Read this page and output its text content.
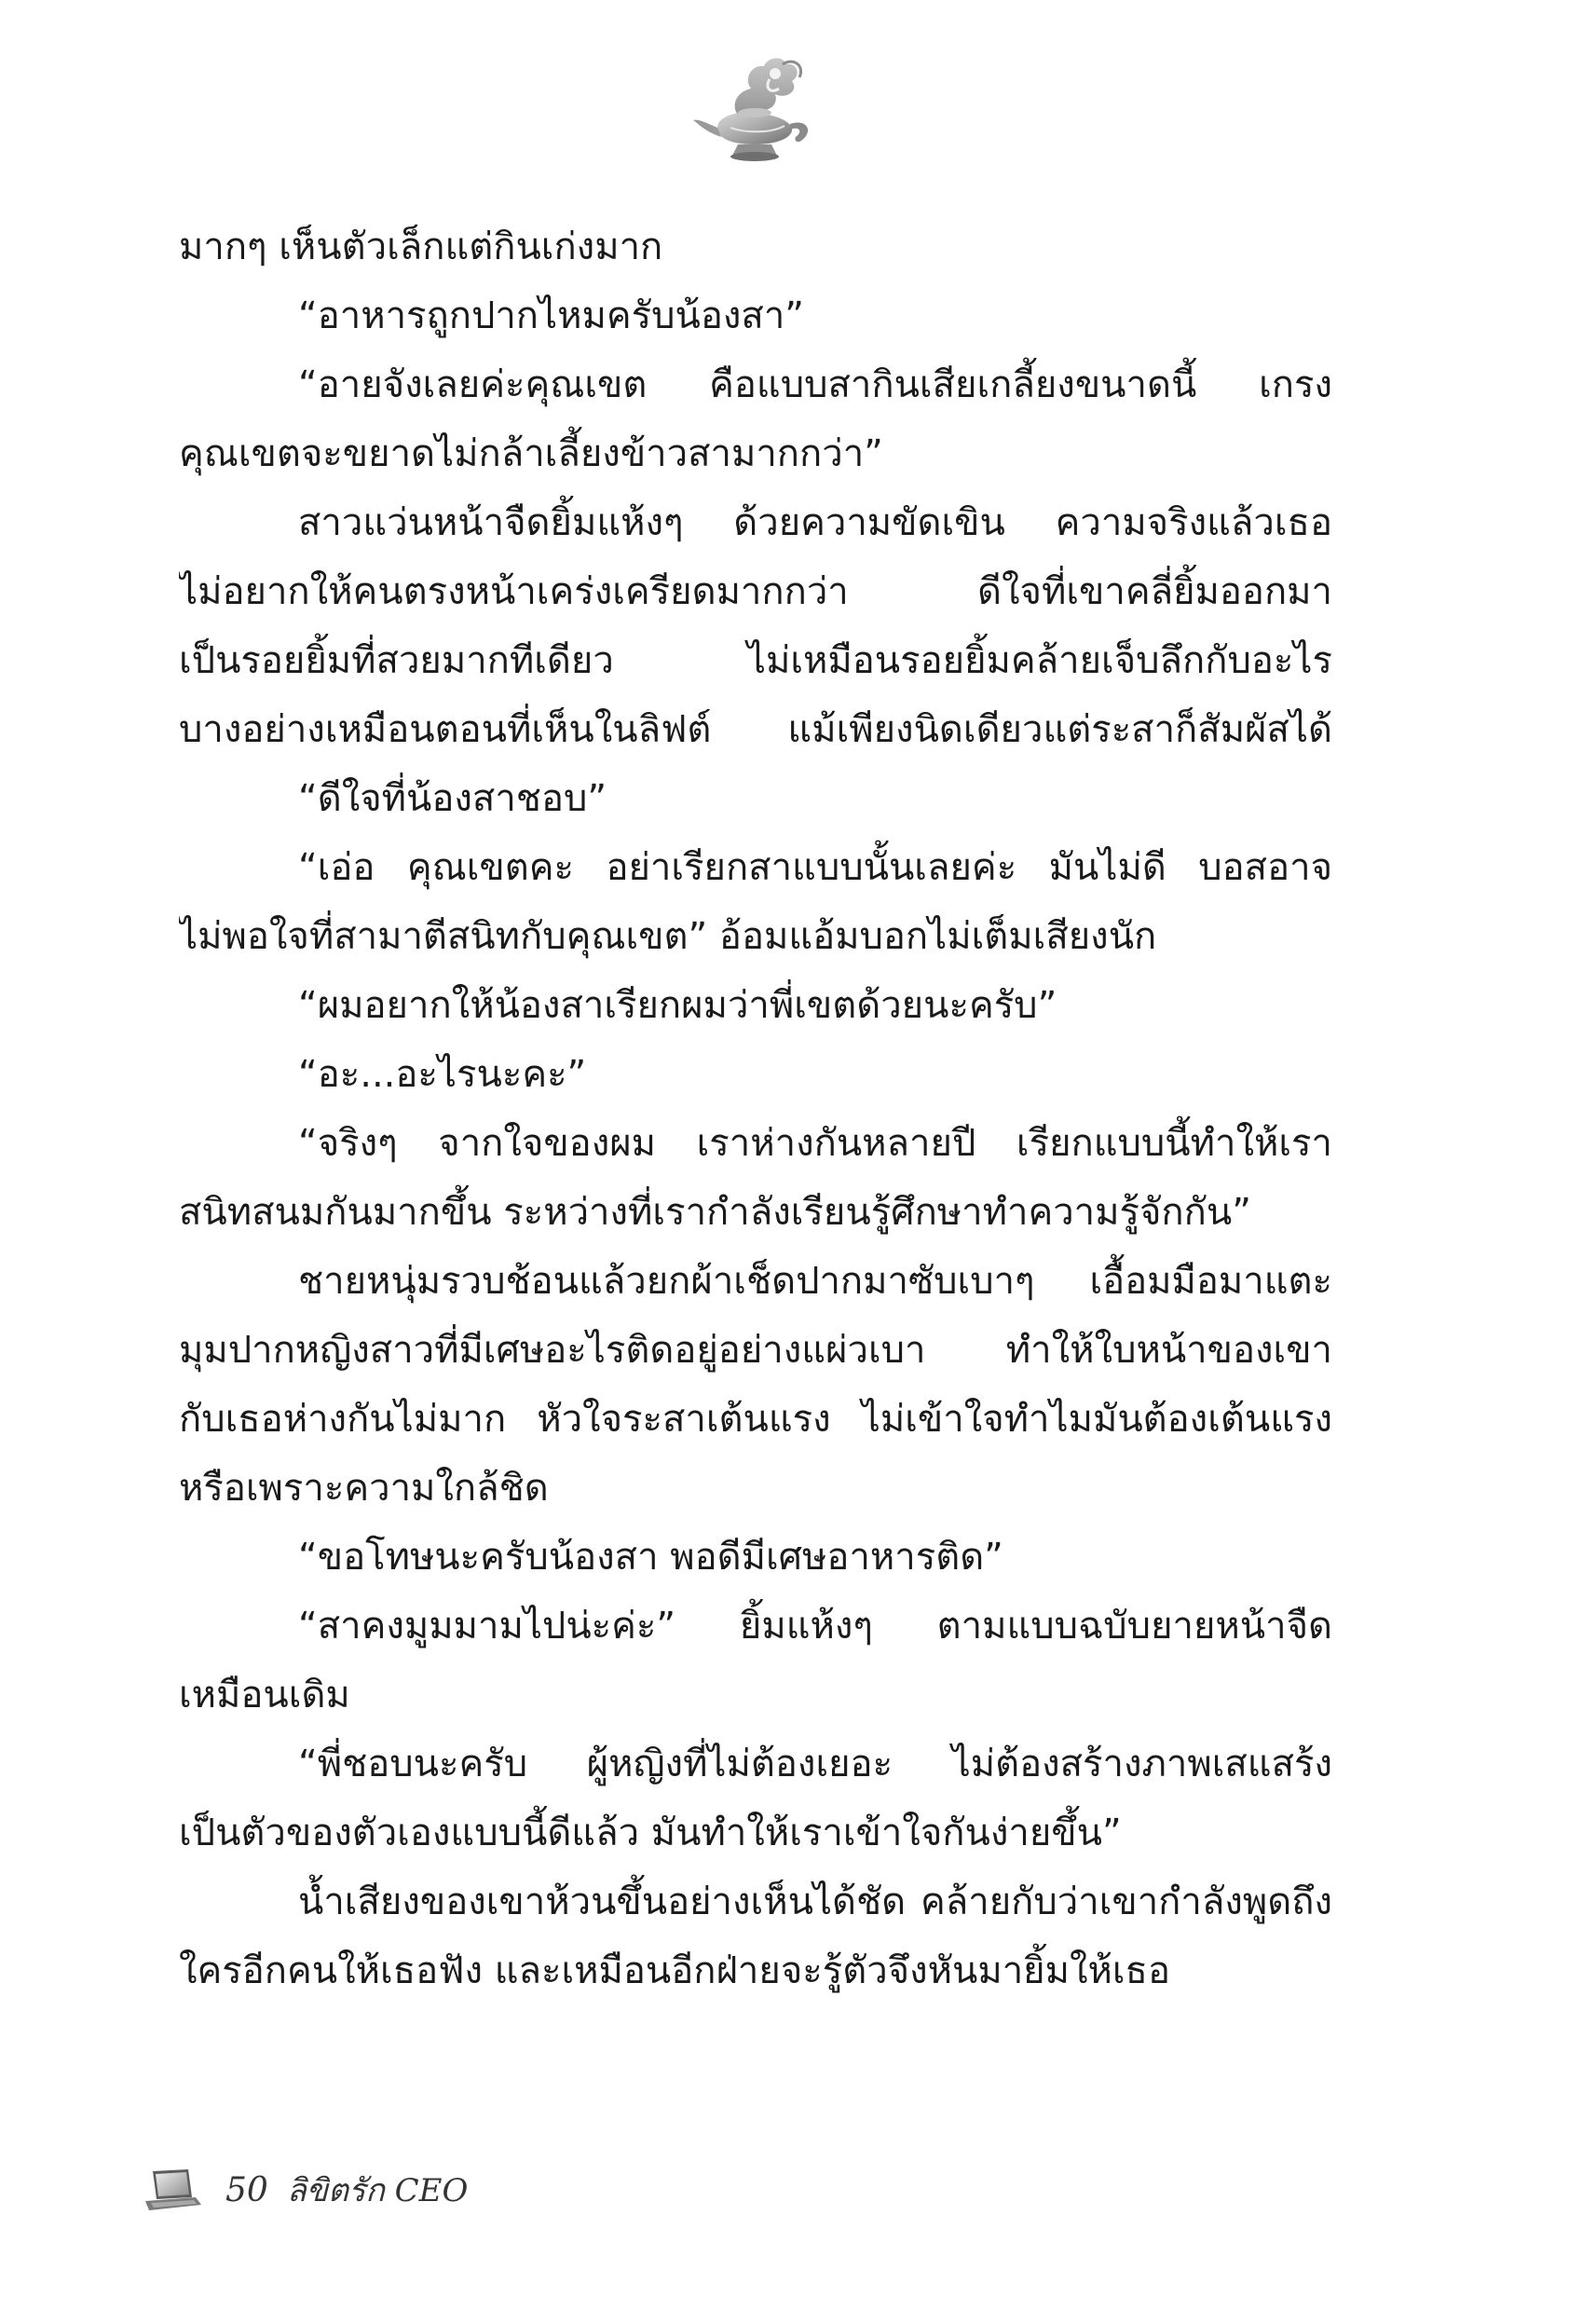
มากๆ เห็นตัวเล็กแต่กินเก่งมาก
“อาหารถูกปากไหมครับน้องสา”
“อายจังเลยค่ะคุณเขต คือแบบสากินเสียเกลี้ยงขนาดนี้ เกรง
คุณเขตจะขยาดไม่กล้าเลี้ยงข้าวสามากกว่า”
สาวแว่นหน้าจืดยิ้มแห้งๆ ด้วยความขัดเขิน ความจริงแล้วเธอ
ไม่อยากให้คนตรงหน้าเคร่งเครียดมากกว่า ดีใจที่เขาคลี่ยิ้มออกมา
เป็นรอยยิ้มที่สวยมากทีเดียว ไม่เหมือนรอยยิ้มคล้ายเจ็บลึกกับอะไร
บางอย่างเหมือนตอนที่เห็นในลิฟต์ แม้เพียงนิดเดียวแต่ระสาก็สัมผัสได้
“ดีใจที่น้องสาชอบ”
“เอ่อ คุณเขตคะ อย่าเรียกสาแบบนั้นเลยค่ะ มันไม่ดี บอสอาจ
ไม่พอใจที่สามาตีสนิทกับคุณเขต” อ้อมแอ้มบอกไม่เต็มเสียงนัก
“ผมอยากให้น้องสาเรียกผมว่าพี่เขตด้วยนะครับ”
“อะ...อะไรนะคะ”
“จริงๆ จากใจของผม เราห่างกันหลายปี เรียกแบบนี้ทำให้เรา
สนิทสนมกันมากขึ้น ระหว่างที่เรากำลังเรียนรู้ศึกษาทำความรู้จักกัน”
ชายหนุ่มรวบช้อนแล้วยกผ้าเช็ดปากมาซับเบาๆ เอื้อมมือมาแตะ
มุมปากหญิงสาวที่มีเศษอะไรติดอยู่อย่างแผ่วเบา ทำให้ใบหน้าของเขา
กับเธอห่างกันไม่มาก หัวใจระสาเต้นแรง ไม่เข้าใจทำไมมันต้องเต้นแรง
หรือเพราะความใกล้ชิด
“ขอโทษนะครับน้องสา พอดีมีเศษอาหารติด”
“สาคงมูมมามไปน่ะค่ะ” ยิ้มแห้งๆ ตามแบบฉบับยายหน้าจืด
เหมือนเดิม
“พี่ชอบนะครับ ผู้หญิงที่ไม่ต้องเยอะ ไม่ต้องสร้างภาพเสแสร้ง
เป็นตัวของตัวเองแบบนี้ดีแล้ว มันทำให้เราเข้าใจกันง่ายขึ้น”
น้ำเสียงของเขาห้วนขึ้นอย่างเห็นได้ชัด คล้ายกับว่าเขากำลังพูดถึง
ใครอีกคนให้เธอฟัง และเหมือนอีกฝ่ายจะรู้ตัวจึงหันมายิ้มให้เธอ
50 ลิขิตรัก CEO
